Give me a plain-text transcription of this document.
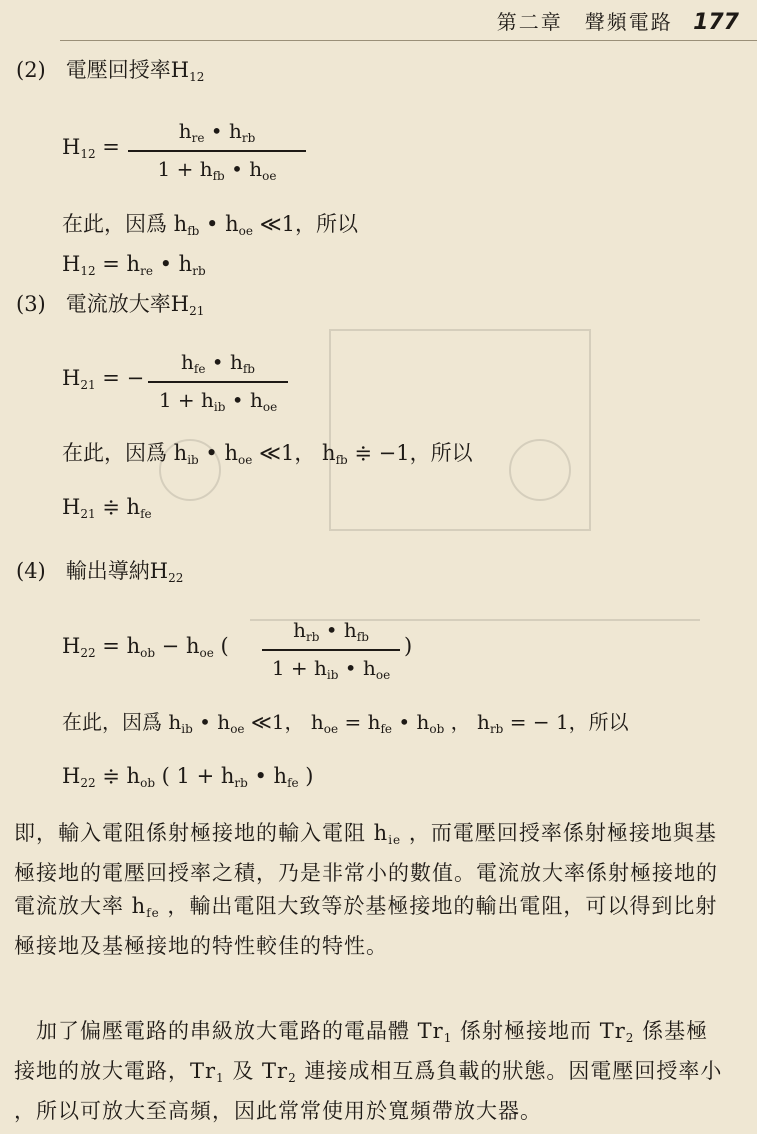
第二章　聲頻電路 177
(2) 電壓回授率$H_{12}$
$H_{12}$ =
$h_{re}$ • $h_{rb}$
$1 + h_{fb}$ • $h_{oe}$
在此，因爲 $h_{fb}$ • $h_{oe}$ ≪1，所以
$H_{12} = h_{re}$ • $h_{rb}$
(3) 電流放大率$H_{21}$
$H_{21}$ = −
$h_{fe}$ • $h_{fb}$
$1 + h_{ib}$ • $h_{oe}$
在此，因爲 $h_{ib}$ • $h_{oe}$ ≪1， $h_{fb}$ ≑ −1，所以
$H_{21}$ ≑ $h_{fe}$
(4) 輸出導納$H_{22}$
$H_{22} = h_{ob} - h_{oe}$ (
$h_{rb}$ • $h_{fb}$
$1 + h_{ib}$ • $h_{oe}$
)
在此，因爲 $h_{ib}$ • $h_{oe}$ ≪1， $h_{oe} = h_{fe}$ • $h_{ob}$ ， $h_{rb}$ = − 1，所以
$H_{22}$ ≑ $h_{ob}$ ( $1 + h_{rb}$ • $h_{fe}$ )
即，輸入電阻係射極接地的輸入電阻 $h_{ie}$ ，而電壓回授率係射極接地與基
極接地的電壓回授率之積，乃是非常小的數值。電流放大率係射極接地的
電流放大率 $h_{fe}$ ，輸出電阻大致等於基極接地的輸出電阻，可以得到比射
極接地及基極接地的特性較佳的特性。
　加了偏壓電路的串級放大電路的電晶體 $Tr_1$ 係射極接地而 $Tr_2$ 係基極
接地的放大電路，$Tr_1$ 及 $Tr_2$ 連接成相互爲負載的狀態。因電壓回授率小
，所以可放大至高頻，因此常常使用於寬頻帶放大器。
